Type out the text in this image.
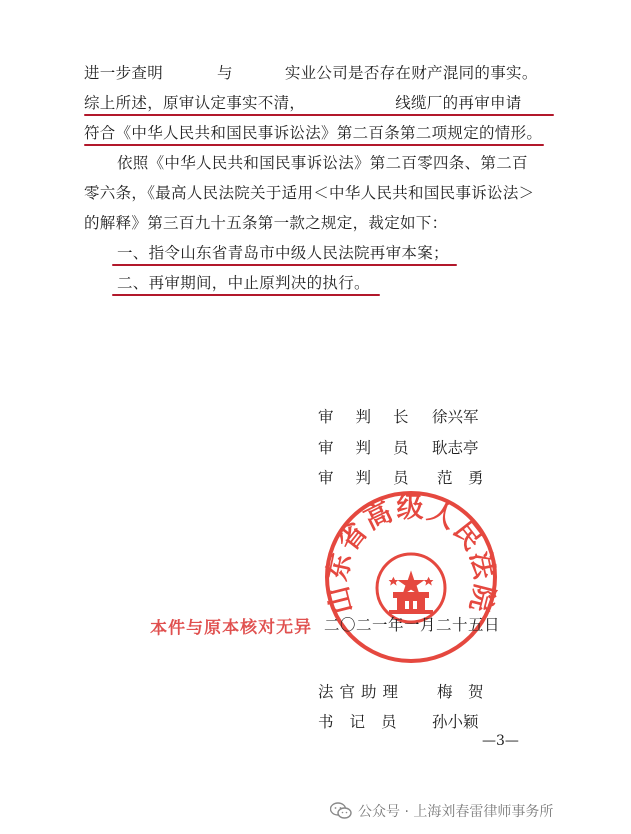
进一步查明	与	实业公司是否存在财产混同的事实。
综上所述，原审认定事实不清，	线缆厂的再审申请
符合《中华人民共和国民事诉讼法》第二百条第二项规定的情形。
依照《中华人民共和国民事诉讼法》第二百零四条、第二百
零六条，《最高人民法院关于适用＜中华人民共和国民事诉讼法＞
的解释》第三百九十五条第一款之规定，裁定如下：
一、指令山东省青岛市中级人民法院再审本案；
二、再审期间，中止原判决的执行。
审判长 徐兴军
审判员 耿志亭
审判员 范　勇
山东省高级人民法院
本件与原本核对无异 二〇二一年一月二十五日
法官助理 梅　贺
书记员 孙小颖
—3—
公众号 · 上海刘春雷律师事务所
